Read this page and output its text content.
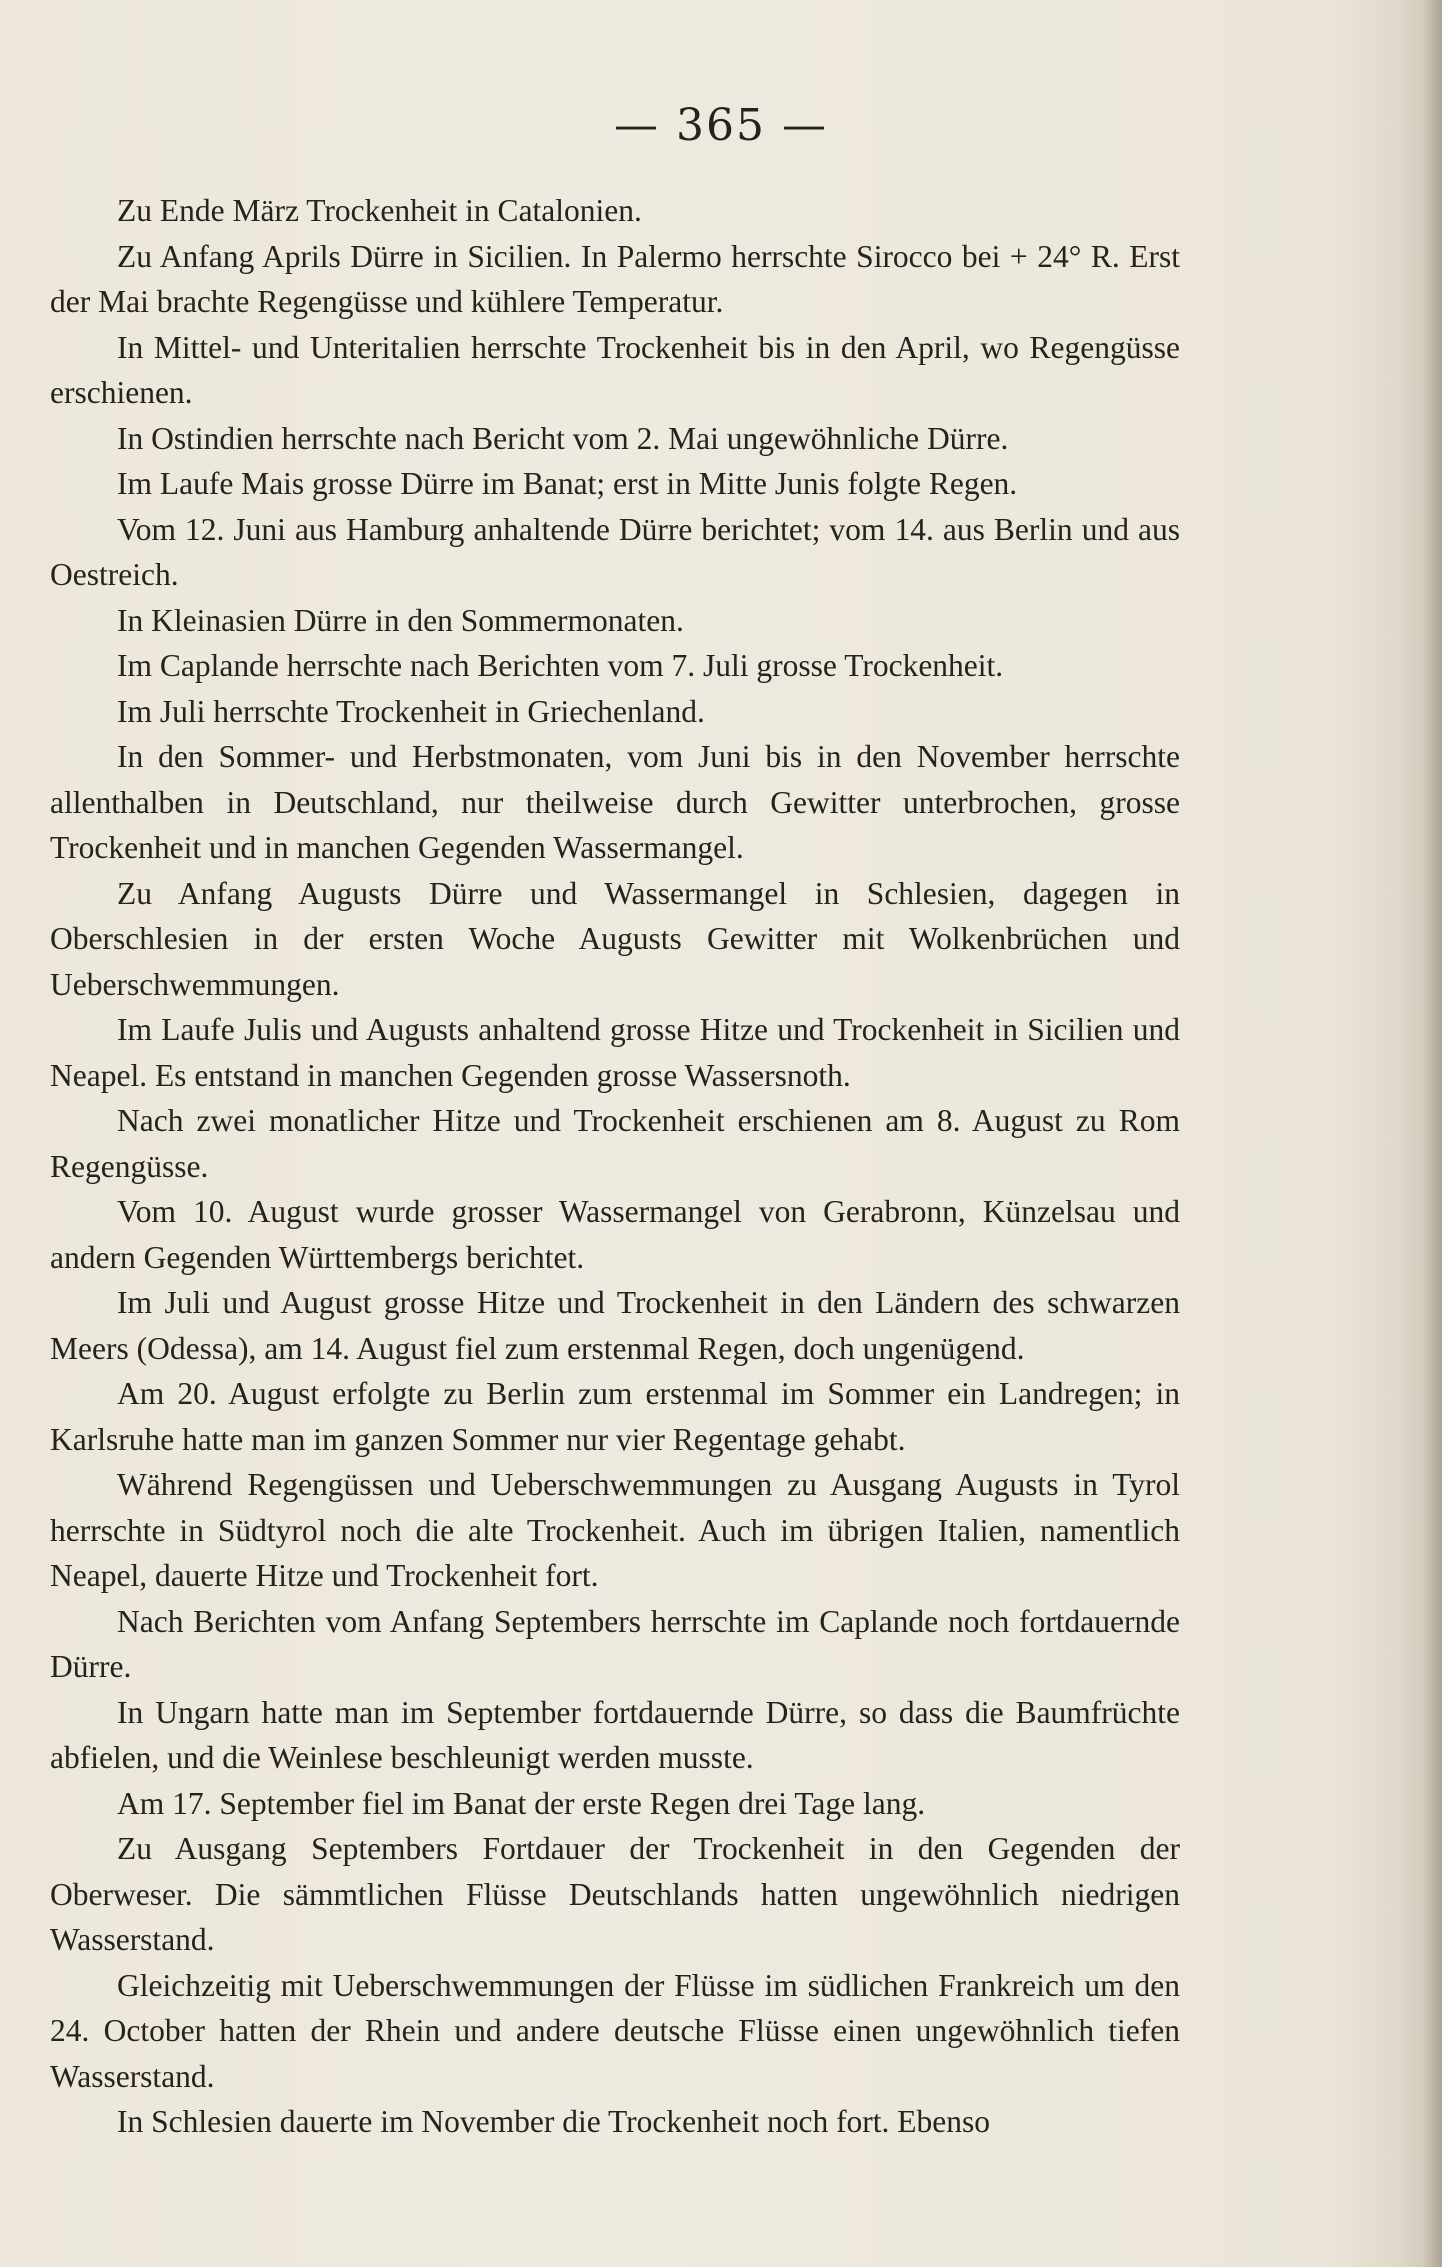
— 365 —

Zu Ende März Trockenheit in Catalonien.

Zu Anfang Aprils Dürre in Sicilien. In Palermo herrschte Sirocco bei + 24° R. Erst der Mai brachte Regengüsse und kühlere Temperatur.

In Mittel- und Unteritalien herrschte Trockenheit bis in den April, wo Regengüsse erschienen.

In Ostindien herrschte nach Bericht vom 2. Mai ungewöhnliche Dürre.

Im Laufe Mais grosse Dürre im Banat; erst in Mitte Junis folgte Regen.

Vom 12. Juni aus Hamburg anhaltende Dürre berichtet; vom 14. aus Berlin und aus Oestreich.

In Kleinasien Dürre in den Sommermonaten.

Im Caplande herrschte nach Berichten vom 7. Juli grosse Trockenheit.

Im Juli herrschte Trockenheit in Griechenland.

In den Sommer- und Herbstmonaten, vom Juni bis in den November herrschte allenthalben in Deutschland, nur theilweise durch Gewitter unterbrochen, grosse Trockenheit und in manchen Gegenden Wassermangel.

Zu Anfang Augusts Dürre und Wassermangel in Schlesien, dagegen in Oberschlesien in der ersten Woche Augusts Gewitter mit Wolkenbrüchen und Ueberschwemmungen.

Im Laufe Julis und Augusts anhaltend grosse Hitze und Trockenheit in Sicilien und Neapel. Es entstand in manchen Gegenden grosse Wassersnoth.

Nach zwei monatlicher Hitze und Trockenheit erschienen am 8. August zu Rom Regengüsse.

Vom 10. August wurde grosser Wassermangel von Gerabronn, Künzelsau und andern Gegenden Württembergs berichtet.

Im Juli und August grosse Hitze und Trockenheit in den Ländern des schwarzen Meers (Odessa), am 14. August fiel zum erstenmal Regen, doch ungenügend.

Am 20. August erfolgte zu Berlin zum erstenmal im Sommer ein Landregen; in Karlsruhe hatte man im ganzen Sommer nur vier Regentage gehabt.

Während Regengüssen und Ueberschwemmungen zu Ausgang Augusts in Tyrol herrschte in Südtyrol noch die alte Trockenheit. Auch im übrigen Italien, namentlich Neapel, dauerte Hitze und Trockenheit fort.

Nach Berichten vom Anfang Septembers herrschte im Caplande noch fortdauernde Dürre.

In Ungarn hatte man im September fortdauernde Dürre, so dass die Baumfrüchte abfielen, und die Weinlese beschleunigt werden musste.

Am 17. September fiel im Banat der erste Regen drei Tage lang.

Zu Ausgang Septembers Fortdauer der Trockenheit in den Gegenden der Oberweser. Die sämmtlichen Flüsse Deutschlands hatten ungewöhnlich niedrigen Wasserstand.

Gleichzeitig mit Ueberschwemmungen der Flüsse im südlichen Frankreich um den 24. October hatten der Rhein und andere deutsche Flüsse einen ungewöhnlich tiefen Wasserstand.

In Schlesien dauerte im November die Trockenheit noch fort. Ebenso
